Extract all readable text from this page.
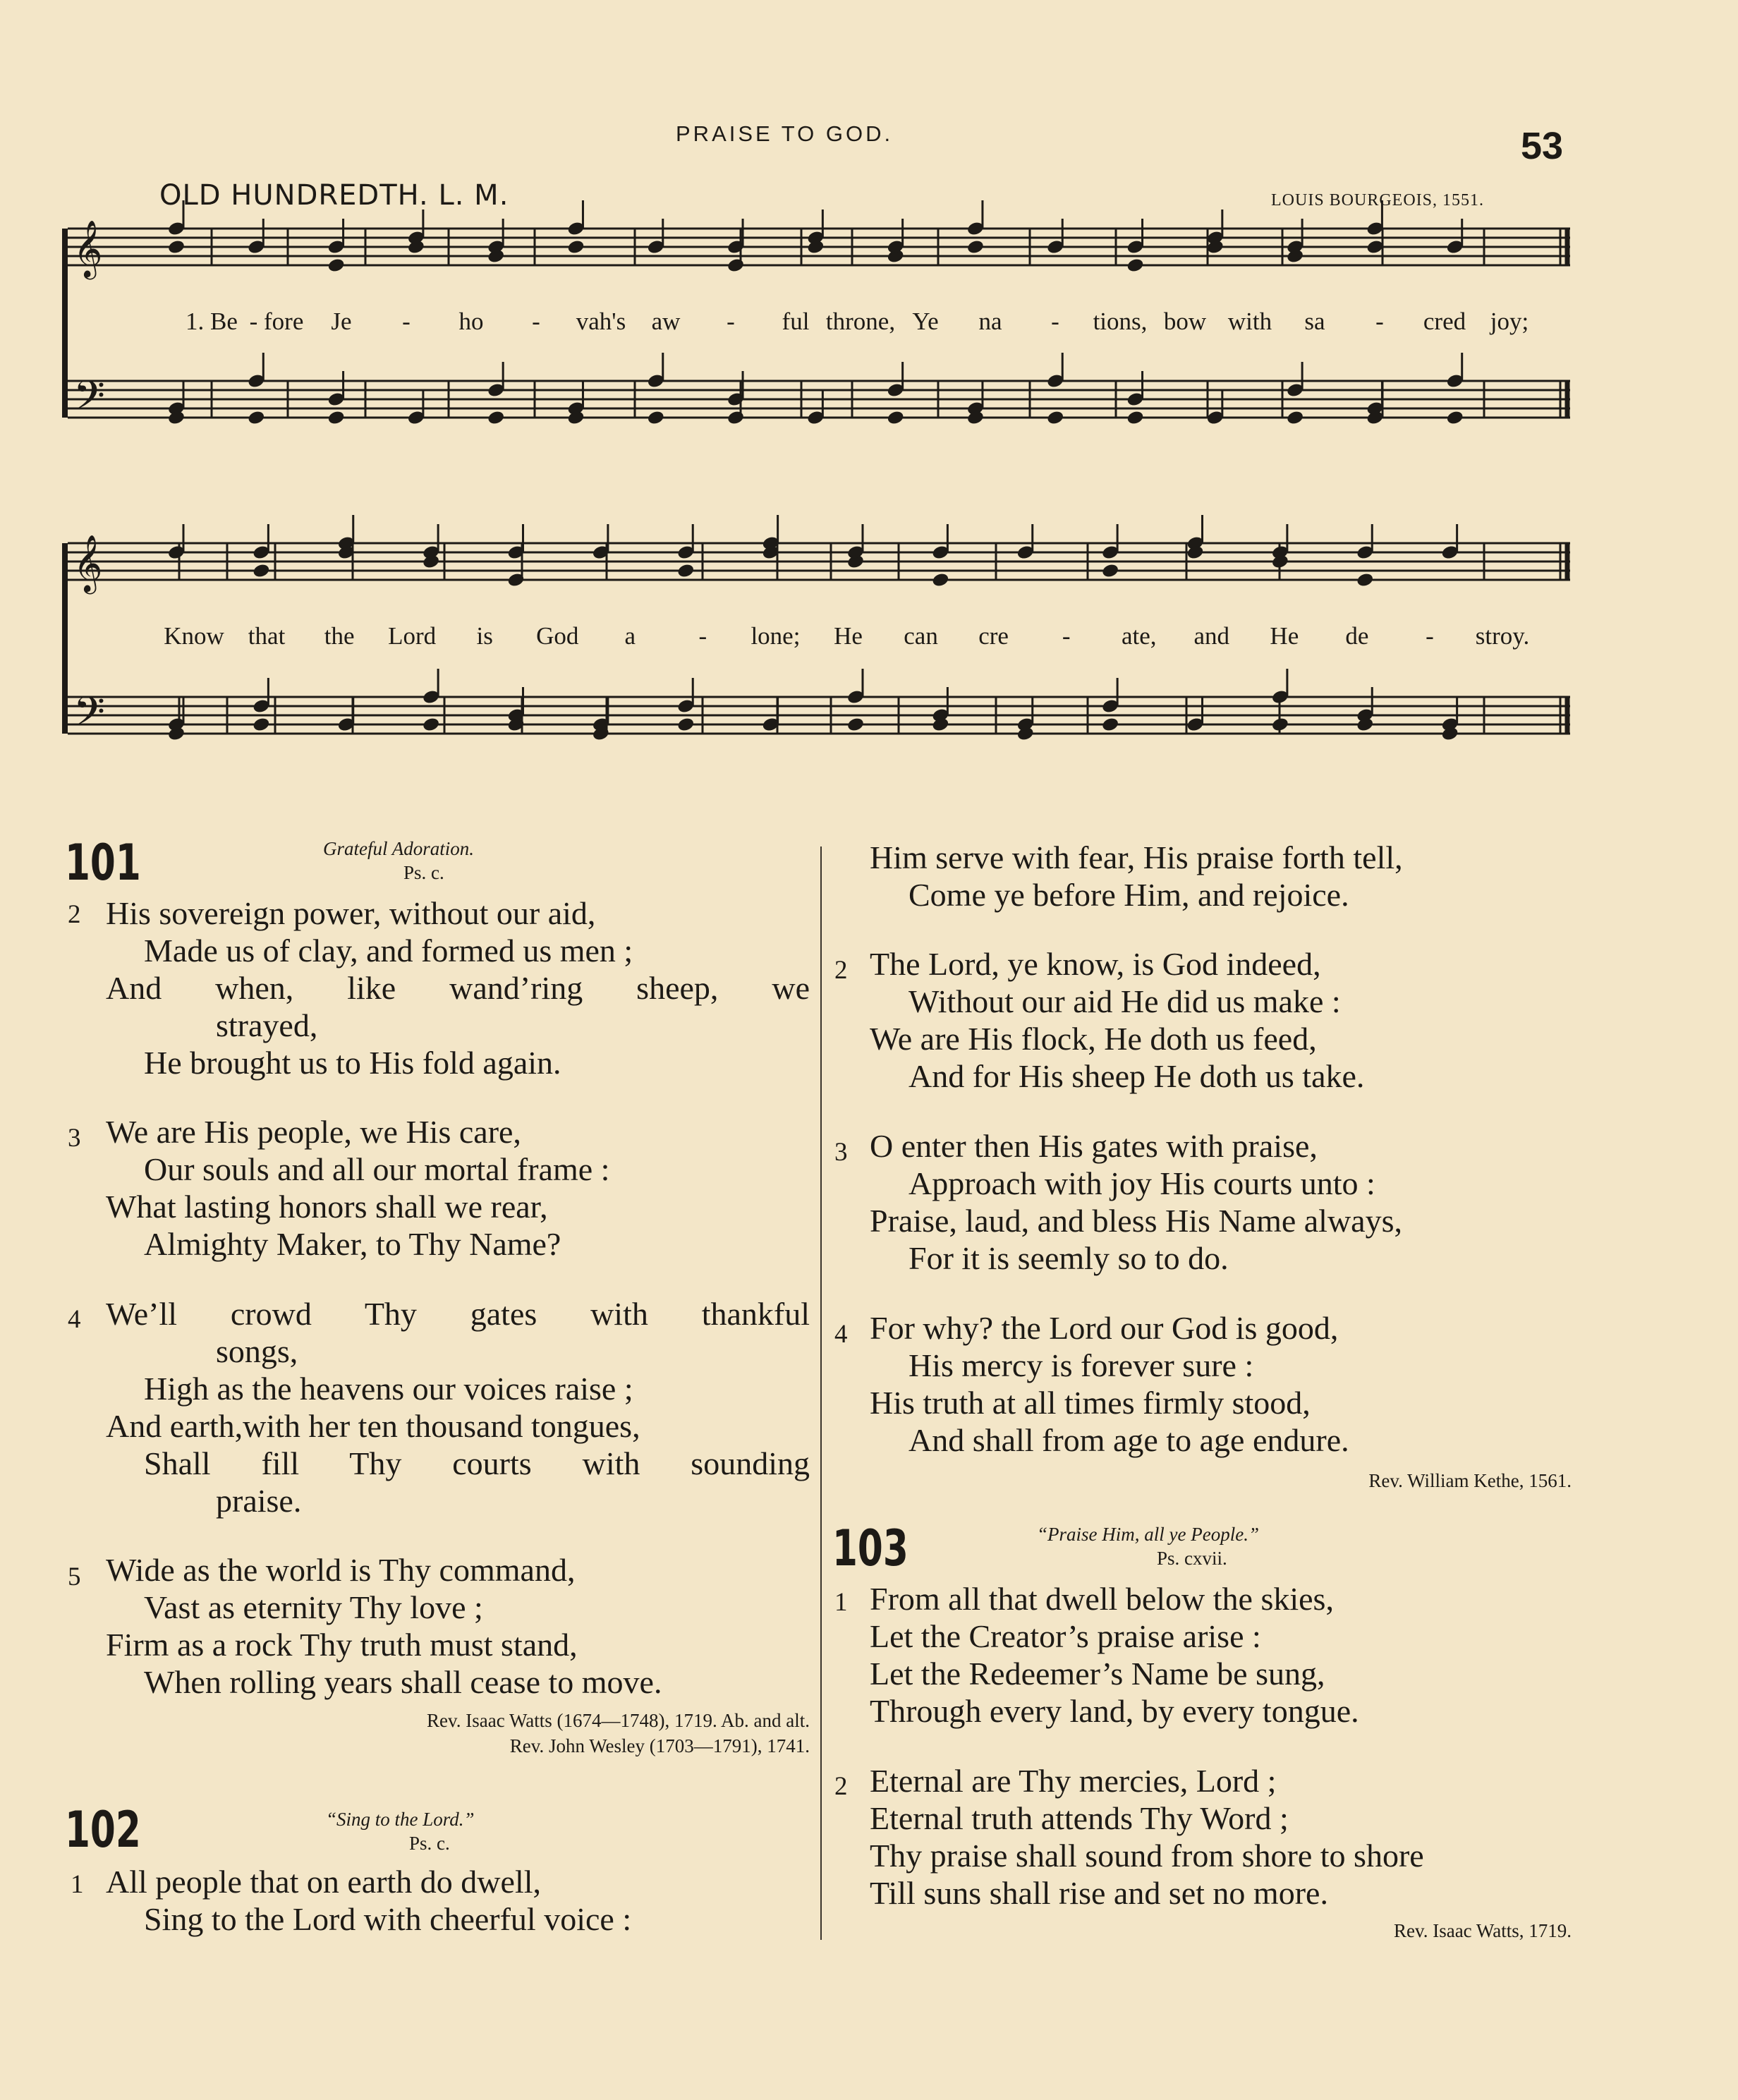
PRAISE TO GOD.	53
OLD HUNDREDTH. L. M.	LOUIS BOURGEOIS, 1551.
𝄞
𝄢
𝄞
𝄢
1. Be - fore Je - ho - vah's aw - ful throne, Ye na - tions, bow with sa - cred joy;
Know that the Lord is God a	- lone; He can cre - ate, and He de - stroy.
101	Grateful Adoration.
Ps. c.
2 His sovereign power, without our aid,
Made us of clay, and formed us men ;
And when, like wand’ring sheep, we
strayed,
He brought us to His fold again.
3 We are His people, we His care,
Our souls and all our mortal frame :
What lasting honors shall we rear,
Almighty Maker, to Thy Name?
4 We’ll crowd Thy gates with thankful
songs,
High as the heavens our voices raise ;
And earth,with her ten thousand tongues,
Shall fill Thy courts with sounding
praise.
5 Wide as the world is Thy command,
Vast as eternity Thy love ;
Firm as a rock Thy truth must stand,
When rolling years shall cease to move.
Rev. Isaac Watts (1674—1748), 1719. Ab. and alt.
Rev. John Wesley (1703—1791), 1741.
102	“Sing to the Lord.”
Ps. c.
1 All people that on earth do dwell,
Sing to the Lord with cheerful voice :
Him serve with fear, His praise forth tell,
Come ye before Him, and rejoice.
2 The Lord, ye know, is God indeed,
Without our aid He did us make :
We are His flock, He doth us feed,
And for His sheep He doth us take.
3 O enter then His gates with praise,
Approach with joy His courts unto :
Praise, laud, and bless His Name always,
For it is seemly so to do.
4 For why? the Lord our God is good,
His mercy is forever sure :
His truth at all times firmly stood,
And shall from age to age endure.
Rev. William Kethe, 1561.
103	“Praise Him, all ye People.”
Ps. cxvii.
1 From all that dwell below the skies,
Let the Creator’s praise arise :
Let the Redeemer’s Name be sung,
Through every land, by every tongue.
2 Eternal are Thy mercies, Lord ;
Eternal truth attends Thy Word ;
Thy praise shall sound from shore to shore
Till suns shall rise and set no more.
Rev. Isaac Watts, 1719.
